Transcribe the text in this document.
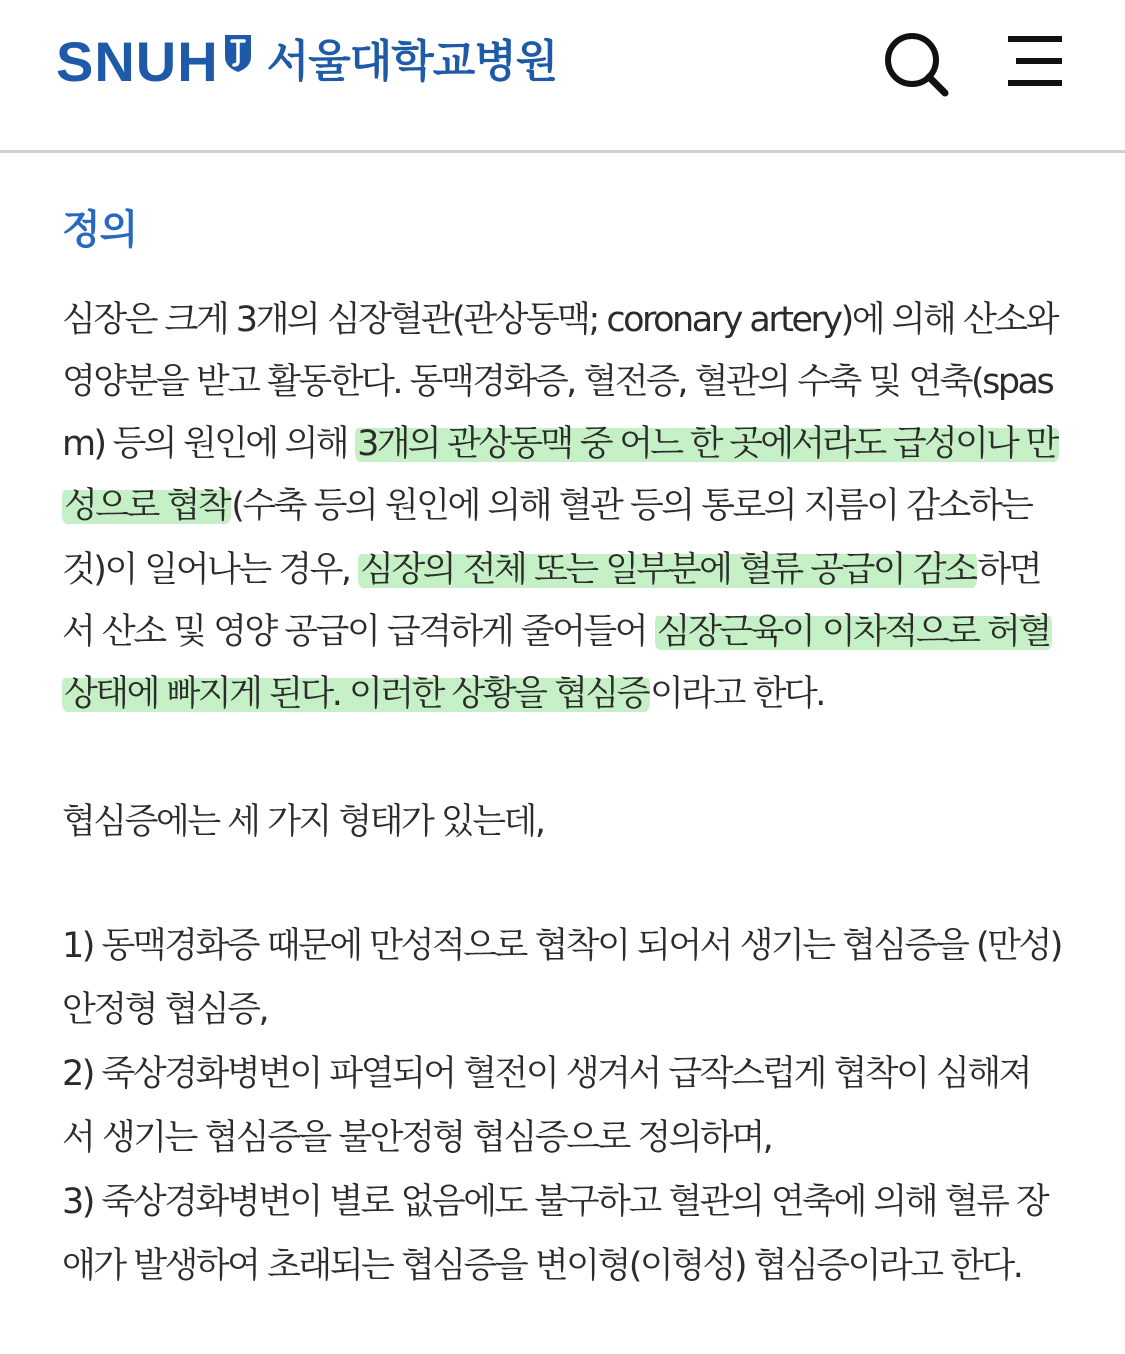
SNUH 서울대학교병원
정의
심장은 크게 3개의 심장혈관(관상동맥; coronary artery)에 의해 산소와
영양분을 받고 활동한다. 동맥경화증, 혈전증, 혈관의 수축 및 연축(spas
m) 등의 원인에 의해 3개의 관상동맥 중 어느 한 곳에서라도 급성이나 만
성으로 협착(수축 등의 원인에 의해 혈관 등의 통로의 지름이 감소하는
것)이 일어나는 경우, 심장의 전체 또는 일부분에 혈류 공급이 감소하면
서 산소 및 영양 공급이 급격하게 줄어들어 심장근육이 이차적으로 허혈
상태에 빠지게 된다. 이러한 상황을 협심증이라고 한다.
협심증에는 세 가지 형태가 있는데,
1) 동맥경화증 때문에 만성적으로 협착이 되어서 생기는 협심증을 (만성)
안정형 협심증,
2) 죽상경화병변이 파열되어 혈전이 생겨서 급작스럽게 협착이 심해져
서 생기는 협심증을 불안정형 협심증으로 정의하며,
3) 죽상경화병변이 별로 없음에도 불구하고 혈관의 연축에 의해 혈류 장
애가 발생하여 초래되는 협심증을 변이형(이형성) 협심증이라고 한다.
